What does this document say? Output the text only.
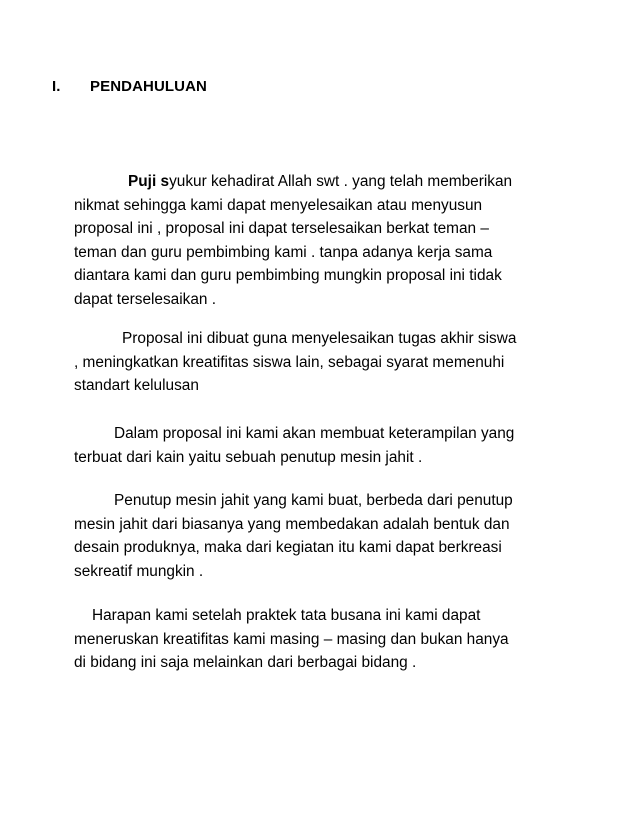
I. PENDAHULUAN

Puji syukur kehadirat Allah swt . yang telah memberikan
nikmat sehingga kami dapat menyelesaikan atau menyusun
proposal ini , proposal ini dapat terselesaikan berkat teman –
teman dan guru pembimbing kami . tanpa adanya kerja sama
diantara kami dan guru pembimbing mungkin proposal ini tidak
dapat terselesaikan .

Proposal ini dibuat guna menyelesaikan tugas akhir siswa
, meningkatkan kreatifitas siswa lain, sebagai syarat memenuhi
standart kelulusan

Dalam proposal ini kami akan membuat keterampilan yang
terbuat dari kain yaitu sebuah penutup mesin jahit .

Penutup mesin jahit yang kami buat, berbeda dari penutup
mesin jahit dari biasanya yang membedakan adalah bentuk dan
desain produknya, maka dari kegiatan itu kami dapat berkreasi
sekreatif mungkin .

Harapan kami setelah praktek tata busana ini kami dapat
meneruskan kreatifitas kami masing – masing dan bukan hanya
di bidang ini saja melainkan dari berbagai bidang .
